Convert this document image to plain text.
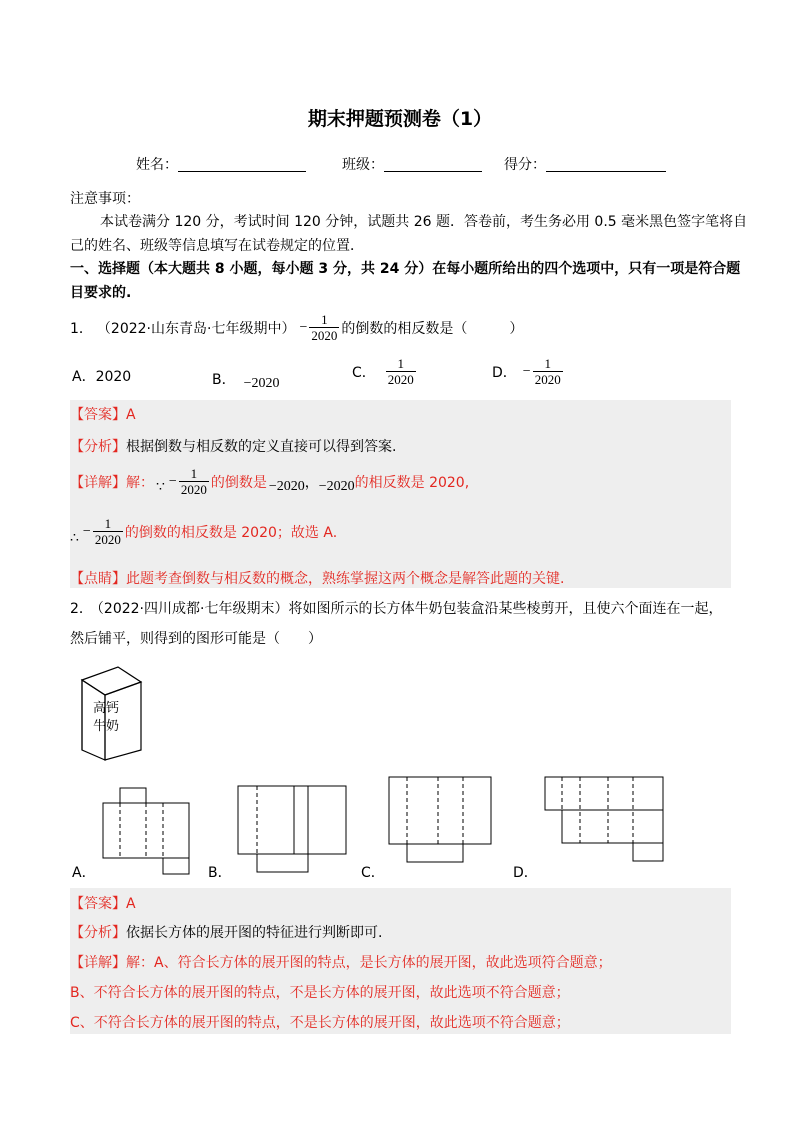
期末押题预测卷（1）
姓名：	班级：	得分：
注意事项：
本试卷满分 120 分，考试时间 120 分钟，试题共 26 题．答卷前，考生务必用 0.5 毫米黑色签字笔将自
己的姓名、班级等信息填写在试卷规定的位置．
一、选择题（本大题共 8 小题，每小题 3 分，共 24 分）在每小题所给出的四个选项中，只有一项是符合题
目要求的.
1． （2022·山东青岛·七年级期中） − $\frac{1}{2020}$ 的倒数的相反数是（　　　）
A．2020	B． −2020
C． $\frac{1}{2020}$	D． − $\frac{1}{2020}$
【答案】A
【分析】根据倒数与相反数的定义直接可以得到答案.
【详解】 解： ∵ − $\frac{1}{2020}$ 的倒数是 −2020 ， −2020 的相反数是 2020,
∴ − $\frac{1}{2020}$ 的倒数的相反数是 2020；故选 A.
【点睛】此题考查倒数与相反数的概念，熟练掌握这两个概念是解答此题的关键.
2． （2022·四川成都·七年级期末）将如图所示的长方体牛奶包装盒沿某些棱剪开，且使六个面连在一起，
然后铺平，则得到的图形可能是（　　）
高钙
牛奶
A．	B．	C．	D．
【答案】A
【分析】依据长方体的展开图的特征进行判断即可.
【详解】解：A、符合长方体的展开图的特点，是长方体的展开图，故此选项符合题意；
B、不符合长方体的展开图的特点，不是长方体的展开图，故此选项不符合题意；
C、不符合长方体的展开图的特点，不是长方体的展开图，故此选项不符合题意；
